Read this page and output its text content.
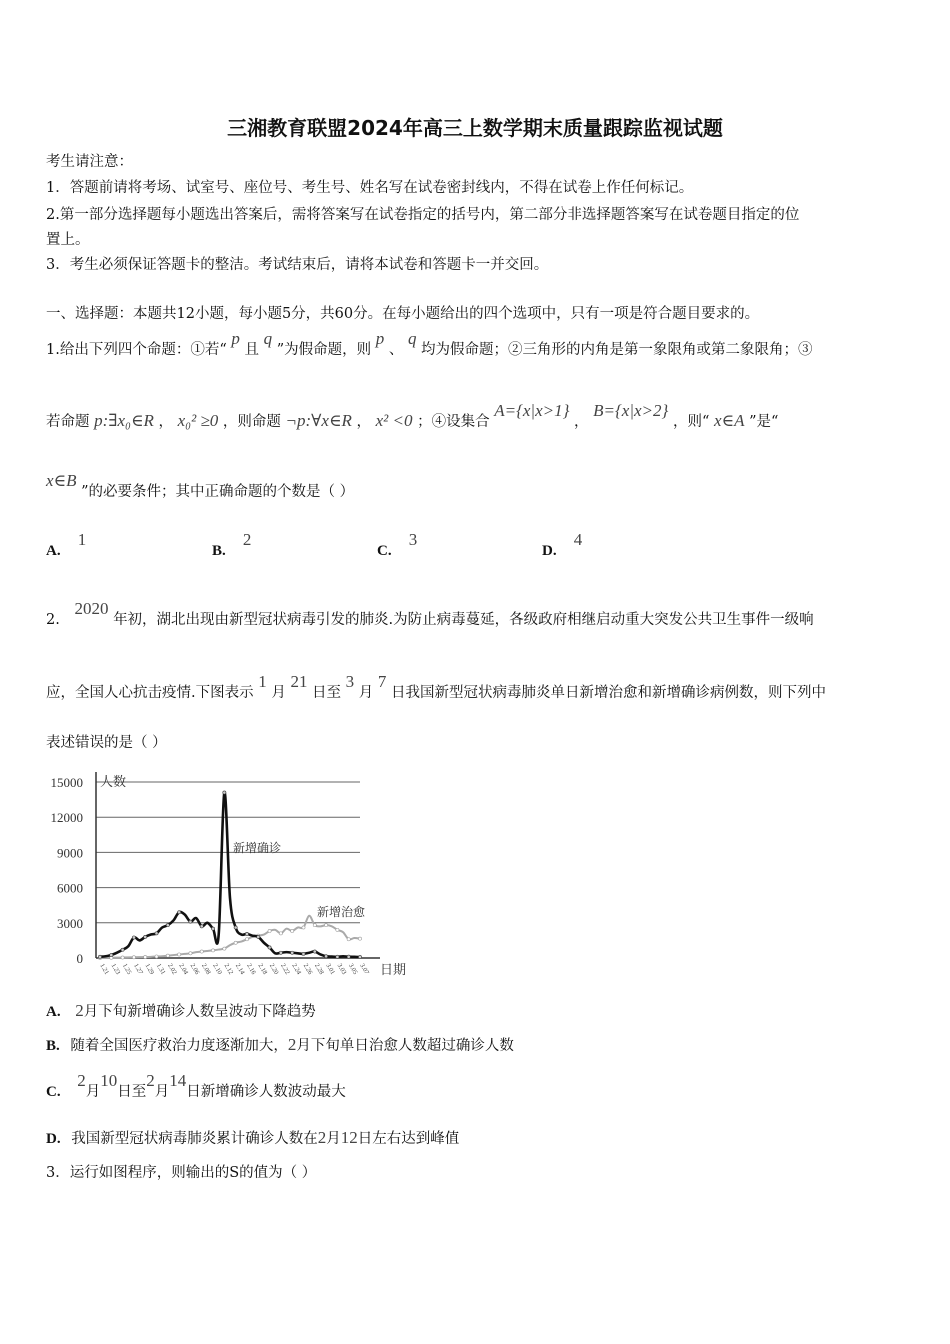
三湘教育联盟2024年高三上数学期末质量跟踪监视试题
考生请注意：
1．答题前请将考场、试室号、座位号、考生号、姓名写在试卷密封线内，不得在试卷上作任何标记。
2.第一部分选择题每小题选出答案后，需将答案写在试卷指定的括号内，第二部分非选择题答案写在试卷题目指定的位
置上。
3．考生必须保证答题卡的整洁。考试结束后，请将本试卷和答题卡一并交回。
一、选择题：本题共12小题，每小题5分，共60分。在每小题给出的四个选项中，只有一项是符合题目要求的。
1.给出下列四个命题：①若“ p 且 q ”为假命题，则 p 、 q 均为假命题；②三角形的内角是第一象限角或第二象限角；③
若命题 p:∃x₀∈R ， x₀² ≥0 ，则命题 ¬p:∀x∈R ， x² <0 ；④设集合 A={x|x>1} ， B={x|x>2} ，则“ x∈A ”是“
x∈B ”的必要条件；其中正确命题的个数是（ ）
A. 1
B. 2
C. 3
D. 4
2. 2020 年初，湖北出现由新型冠状病毒引发的肺炎.为防止病毒蔓延，各级政府相继启动重大突发公共卫生事件一级响
应，全国人心抗击疫情.下图表示 1 月 21 日至 3 月 7 日我国新型冠状病毒肺炎单日新增治愈和新增确诊病例数，则下列中
表述错误的是（ ）
0
3000
6000
9000
12000
15000
1.21 1.23 1.25 1.27 1.29 1.31 2.02 2.04 2.06 2.08 2.10 2.12 2.14 2.16 2.18 2.20 2.22 2.24 2.26 2.28 3.01 3.03 3.05 3.07
人数
日期
新增确诊
新增治愈
A. 2月下旬新增确诊人数呈波动下降趋势
B. 随着全国医疗救治力度逐渐加大，2月下旬单日治愈人数超过确诊人数
C. 2月10日至2月14日新增确诊人数波动最大
D. 我国新型冠状病毒肺炎累计确诊人数在2月12日左右达到峰值
3．运行如图程序，则输出的S的值为（ ）
